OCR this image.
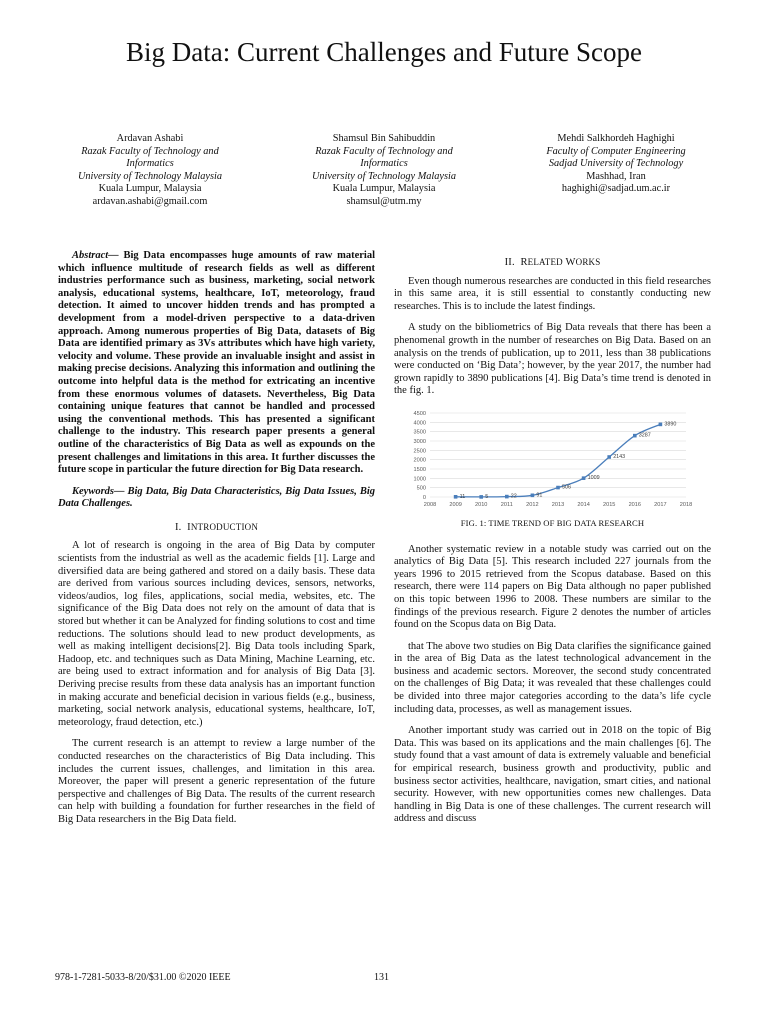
Big Data: Current Challenges and Future Scope
Ardavan Ashabi
Razak Faculty of Technology and
Informatics
University of Technology Malaysia
Kuala Lumpur, Malaysia
ardavan.ashabi@gmail.com
Shamsul Bin Sahibuddin
Razak Faculty of Technology and
Informatics
University of Technology Malaysia
Kuala Lumpur, Malaysia
shamsul@utm.my
Mehdi Salkhordeh Haghighi
Faculty of Computer Engineering
Sadjad University of Technology
Mashhad, Iran
haghighi@sadjad.um.ac.ir

Abstract— Big Data encompasses huge amounts of raw material which influence multitude of research fields as well as different industries performance such as business, marketing, social network analysis, educational systems, healthcare, IoT, meteorology, fraud detection. It aimed to uncover hidden trends and has prompted a development from a model-driven perspective to a data-driven approach. Among numerous properties of Big Data, datasets of Big Data are identified primary as 3Vs attributes which have high variety, velocity and volume. These provide an invaluable insight and assist in making precise decisions. Analyzing this information and outlining the outcome into helpful data is the method for extricating an incentive from these enormous volumes of datasets. Nevertheless, Big Data containing unique features that cannot be handled and processed using the conventional methods. This has presented a significant challenge to the industry. This research paper presents a general outline of the characteristics of Big Data as well as expounds on the present challenges and limitations in this area. It further discusses the future scope in particular the future direction for Big Data research.

Keywords— Big Data, Big Data Characteristics, Big Data Issues, Big Data Challenges.

I. INTRODUCTION

A lot of research is ongoing in the area of Big Data by computer scientists from the industrial as well as the academic fields [1]. Large and diversified data are being gathered and stored on a daily basis. These data are derived from various sources including devices, sensors, networks, videos/audios, log files, applications, social media, websites, etc. The significance of the Big Data does not rely on the amount of data that is stored but whether it can be Analyzed for finding solutions to cost and time reductions. The solutions should lead to new product developments, as well as making intelligent decisions[2]. Big Data tools including Spark, Hadoop, etc. and techniques such as Data Mining, Machine Learning, etc. are being used to extract information and for analysis of Big Data [3]. Deriving precise results from these data analysis has an important function in making accurate and beneficial decision in various fields (e.g., business, marketing, social network analysis, educational systems, healthcare, IoT, meteorology, fraud detection, etc.)

The current research is an attempt to review a large number of the conducted researches on the characteristics of Big Data including. This includes the current issues, challenges, and limitation in this area. Moreover, the paper will present a generic representation of the future perspective and challenges of Big Data. The results of the current research can help with building a foundation for further researches in the field of Big Data researchers in the Big Data field.

II. RELATED WORKS

Even though numerous researches are conducted in this field researches in this same area, it is still essential to constantly conducting new researches. This is to include the latest findings.

A study on the bibliometrics of Big Data reveals that there has been a phenomenal growth in the number of researches on Big Data. Based on an analysis on the trends of publication, up to 2011, less than 38 publications were conducted on ‘Big Data’; however, by the year 2017, the number had grown rapidly to 3890 publications [4]. Big Data’s time trend is denoted in the fig. 1.

0
500
1000
1500
2000
2500
3000
3500
4000
4500
2008 2009 2010 2011 2012 2013 2014 2015 2016 2017 2018
11	5	22	91
506
1009
2143
3287
3890
FIG. 1: TIME TREND OF BIG DATA RESEARCH

Another systematic review in a notable study was carried out on the analytics of Big Data [5]. This research included 227 journals from the years 1996 to 2015 retrieved from the Scopus database. Based on this research, there were 114 papers on Big Data although no paper published on this topic between 1996 to 2008. These numbers are similar to the findings of the previous research. Figure 2 denotes the number of articles found on the Scopus data on Big Data.

that The above two studies on Big Data clarifies the significance gained in the area of Big Data as the latest technological advancement in the business and academic sectors. Moreover, the second study concentrated on the challenges of Big Data; it was revealed that these challenges could be divided into three major categories according to the data’s life cycle including data, processes, as well as management issues.

Another important study was carried out in 2018 on the topic of Big Data. This was based on its applications and the main challenges [6]. The study found that a vast amount of data is extremely valuable and beneficial for empirical research, business growth and productivity, public and business sector activities, healthcare, navigation, smart cities, and national security. However, with new opportunities comes new challenges. Data handling in Big Data is one of these challenges. The current research will address and discuss

978-1-7281-5033-8/20/$31.00 ©2020 IEEE	131
